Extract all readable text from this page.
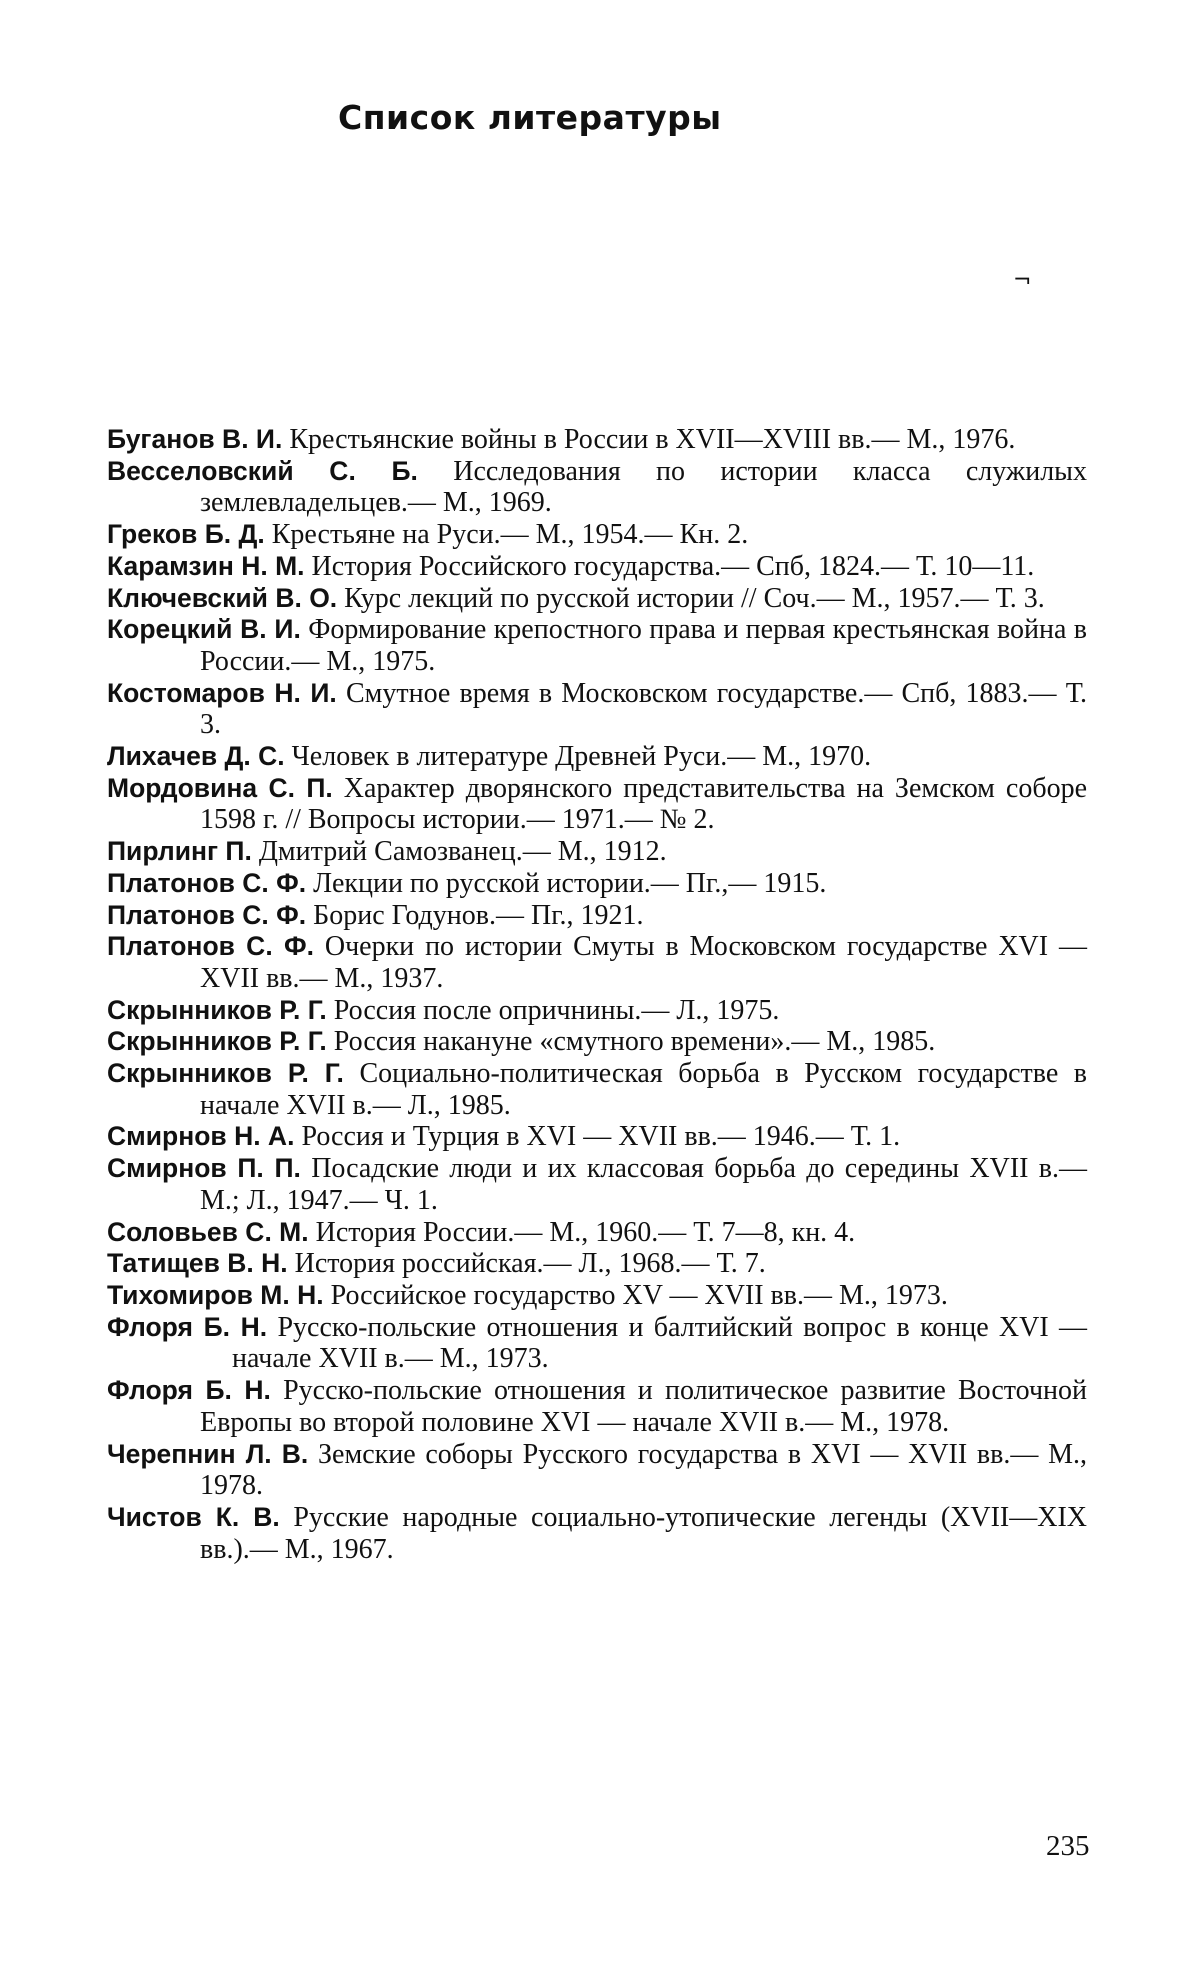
Список литературы
¬
Буганов В. И. Крестьянские войны в России в XVII—XVIII вв.— М., 1976.
Весселовский С. Б. Исследования по истории класса служилых землевладельцев.— М., 1969.
Греков Б. Д. Крестьяне на Руси.— М., 1954.— Кн. 2.
Карамзин Н. М. История Российского государства.— Спб, 1824.— Т. 10—11.
Ключевский В. О. Курс лекций по русской истории // Соч.— М., 1957.— Т. 3.
Корецкий В. И. Формирование крепостного права и первая крестьянская война в России.— М., 1975.
Костомаров Н. И. Смутное время в Московском государстве.— Спб, 1883.— Т. 3.
Лихачев Д. С. Человек в литературе Древней Руси.— М., 1970.
Мордовина С. П. Характер дворянского представительства на Земском соборе 1598 г. // Вопросы истории.— 1971.— № 2.
Пирлинг П. Дмитрий Самозванец.— М., 1912.
Платонов С. Ф. Лекции по русской истории.— Пг.,— 1915.
Платонов С. Ф. Борис Годунов.— Пг., 1921.
Платонов С. Ф. Очерки по истории Смуты в Московском государстве XVI — XVII вв.— М., 1937.
Скрынников Р. Г. Россия после опричнины.— Л., 1975.
Скрынников Р. Г. Россия накануне «смутного времени».— М., 1985.
Скрынников Р. Г. Социально-политическая борьба в Русском государстве в начале XVII в.— Л., 1985.
Смирнов Н. А. Россия и Турция в XVI — XVII вв.— 1946.— Т. 1.
Смирнов П. П. Посадские люди и их классовая борьба до середины XVII в.— М.; Л., 1947.— Ч. 1.
Соловьев С. М. История России.— М., 1960.— Т. 7—8, кн. 4.
Татищев В. Н. История российская.— Л., 1968.— Т. 7.
Тихомиров М. Н. Российское государство XV — XVII вв.— М., 1973.
Флоря Б. Н. Русско-польские отношения и балтийский вопрос в конце XVI — начале XVII в.— М., 1973.
Флоря Б. Н. Русско-польские отношения и политическое развитие Восточной Европы во второй половине XVI — начале XVII в.— М., 1978.
Черепнин Л. В. Земские соборы Русского государства в XVI — XVII вв.— М., 1978.
Чистов К. В. Русские народные социально-утопические легенды (XVII—XIX вв.).— М., 1967.
235
